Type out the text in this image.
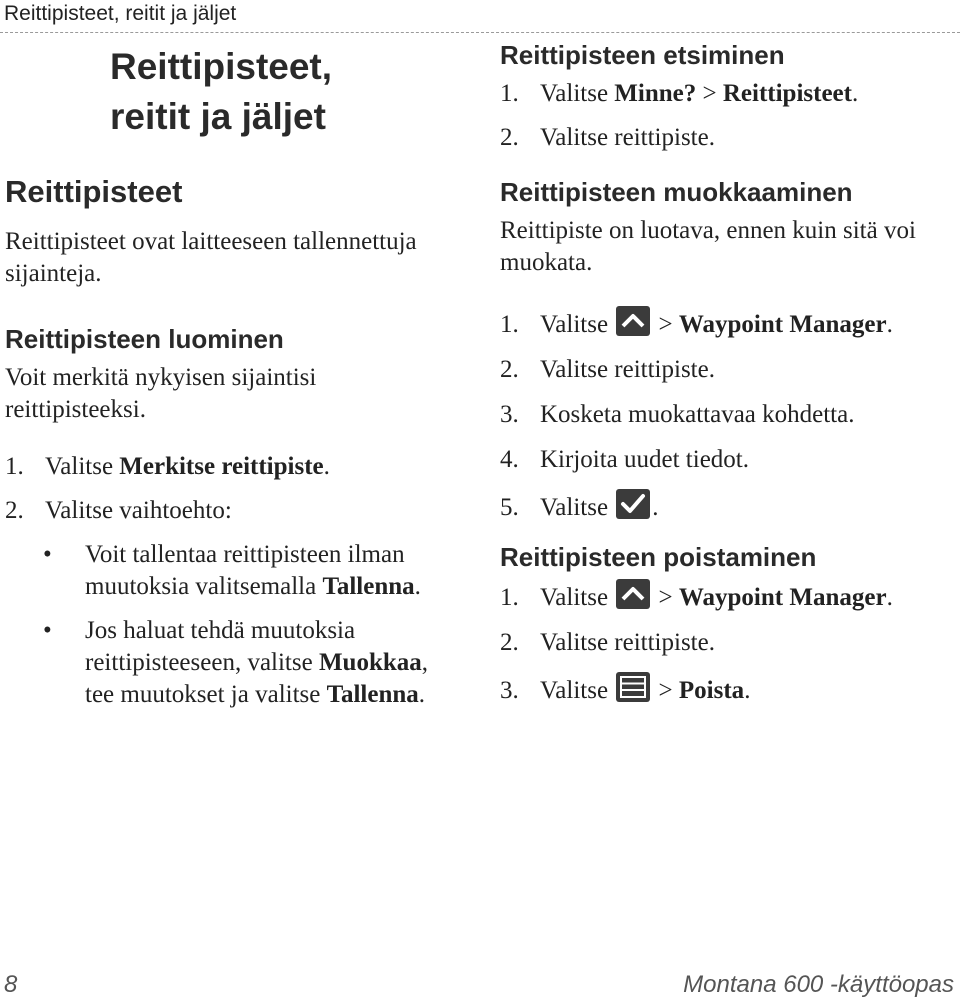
Reittipisteet, reitit ja jäljet
Reittipisteet,
reitit ja jäljet
Reittipisteet
Reittipisteet ovat laitteeseen tallennettuja
sijainteja.
Reittipisteen luominen
Voit merkitä nykyisen sijaintisi
reittipisteeksi.
1. Valitse Merkitse reittipiste.
2. Valitse vaihtoehto:
• Voit tallentaa reittipisteen ilman
muutoksia valitsemalla Tallenna.
• Jos haluat tehdä muutoksia
reittipisteeseen, valitse Muokkaa,
tee muutokset ja valitse Tallenna.
Reittipisteen etsiminen
1. Valitse Minne? > Reittipisteet.
2. Valitse reittipiste.
Reittipisteen muokkaaminen
Reittipiste on luotava, ennen kuin sitä voi
muokata.
1. Valitse
> Waypoint Manager.
2. Valitse reittipiste.
3. Kosketa muokattavaa kohdetta.
4. Kirjoita uudet tiedot.
5. Valitse
.
Reittipisteen poistaminen
1. Valitse
> Waypoint Manager.
2. Valitse reittipiste.
3. Valitse
> Poista.
8	Montana 600 -käyttöopas
